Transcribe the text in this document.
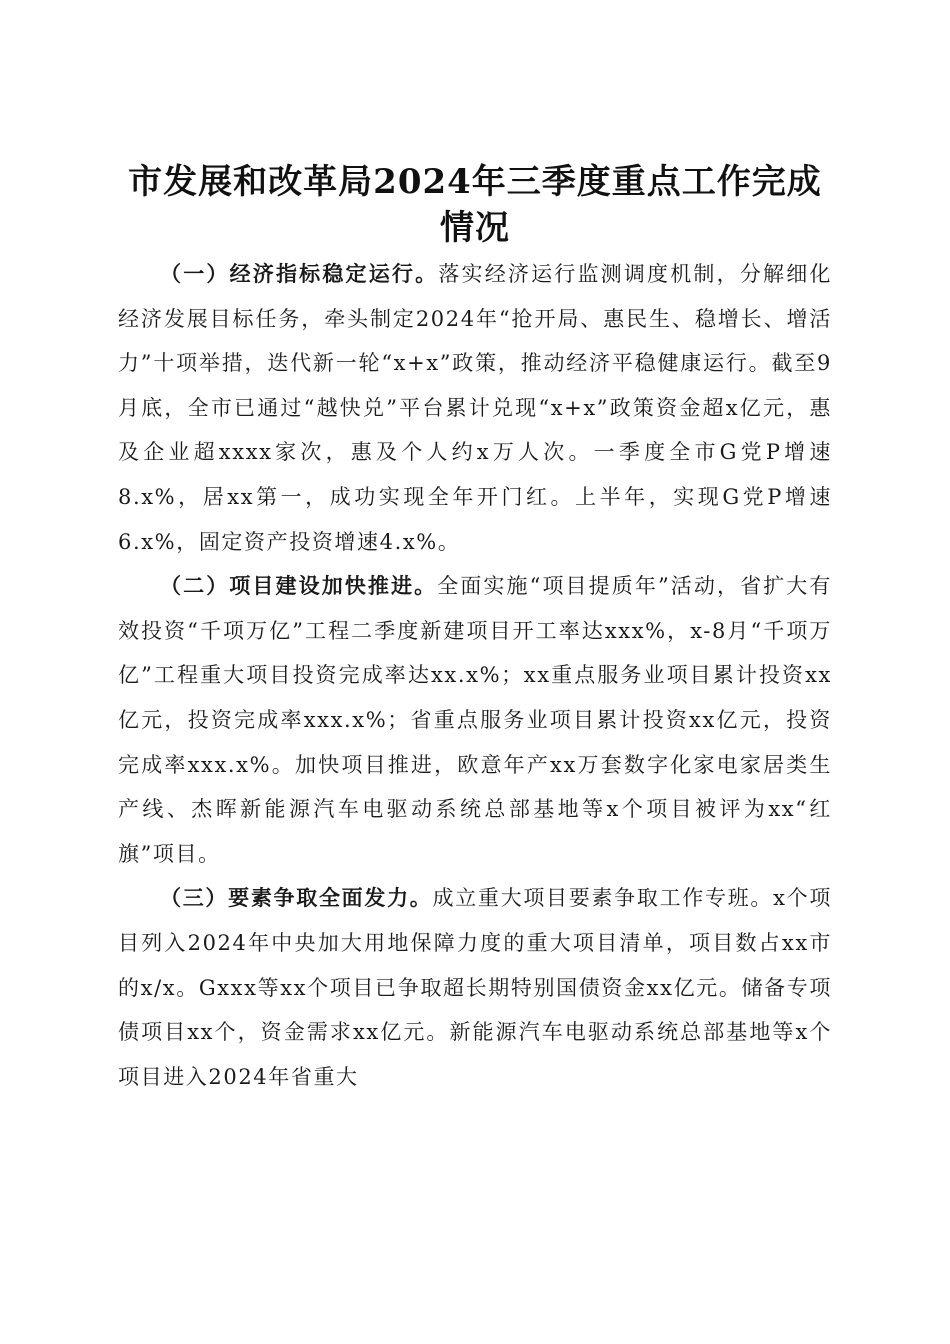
市发展和改革局2024年三季度重点工作完成
情况

（一）经济指标稳定运行。落实经济运行监测调度机制，分解细化经济发展目标任务，牵头制定2024年“抢开局、惠民生、稳增长、增活力”十项举措，迭代新一轮“x+x”政策，推动经济平稳健康运行。截至9月底，全市已通过“越快兑”平台累计兑现“x+x”政策资金超x亿元，惠及企业超xxxx家次，惠及个人约x万人次。一季度全市G党P增速8.x%，居xx第一，成功实现全年开门红。上半年，实现G党P增速6.x%，固定资产投资增速4.x%。

（二）项目建设加快推进。全面实施“项目提质年”活动，省扩大有效投资“千项万亿”工程二季度新建项目开工率达xxx%，x-8月“千项万亿”工程重大项目投资完成率达xx.x%；xx重点服务业项目累计投资xx亿元，投资完成率xxx.x%；省重点服务业项目累计投资xx亿元，投资完成率xxx.x%。加快项目推进，欧意年产xx万套数字化家电家居类生产线、杰晖新能源汽车电驱动系统总部基地等x个项目被评为xx“红旗”项目。

（三）要素争取全面发力。成立重大项目要素争取工作专班。x个项目列入2024年中央加大用地保障力度的重大项目清单，项目数占xx市的x/x。Gxxx等xx个项目已争取超长期特别国债资金xx亿元。储备专项债项目xx个，资金需求xx亿元。新能源汽车电驱动系统总部基地等x个项目进入2024年省重大
